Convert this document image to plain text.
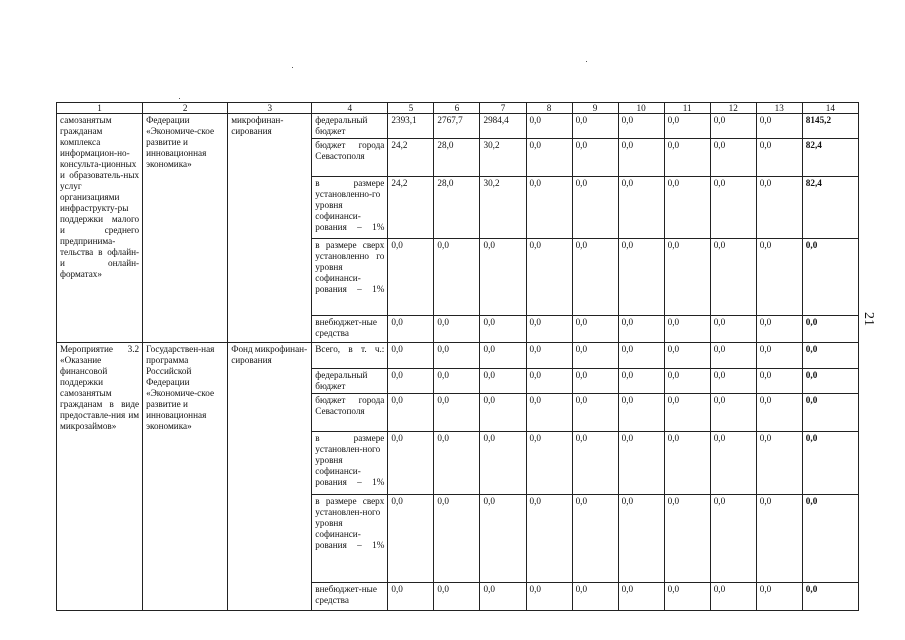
1	2	3	4	5	6	7	8	9	10	11	12	13	14
самозанятым гражданам комплекса информацион-но-консульта-ционных и образователь-ных услуг организациями инфраструкту-ры поддержки малого и среднего предпринима-тельства в офлайн- и онлайн-форматах»	Федерации «Экономиче-ское развитие и инновационная экономика»	микрофинан-сирования	федеральный бюджет	2393,1	2767,7	2984,4	0,0	0,0	0,0	0,0	0,0	0,0	8145,2
			бюджет города Севастополя	24,2	28,0	30,2	0,0	0,0	0,0	0,0	0,0	0,0	82,4
			в размере установленно-го уровня софинанси-рования – 1%	24,2	28,0	30,2	0,0	0,0	0,0	0,0	0,0	0,0	82,4
			в размере сверх установленно го уровня софинанси-рования – 1%	0,0	0,0	0,0	0,0	0,0	0,0	0,0	0,0	0,0	0,0
			внебюджет-ные средства	0,0	0,0	0,0	0,0	0,0	0,0	0,0	0,0	0,0	0,0
Мероприятие 3.2 «Оказание финансовой поддержки самозанятым гражданам в виде предоставле-ния им микрозаймов»	Государствен-ная программа Российской Федерации «Экономиче-ское развитие и инновационная экономика»	Фонд микрофинан-сирования	Всего, в т. ч.:	0,0	0,0	0,0	0,0	0,0	0,0	0,0	0,0	0,0	0,0
			федеральный бюджет	0,0	0,0	0,0	0,0	0,0	0,0	0,0	0,0	0,0	0,0
			бюджет города Севастополя	0,0	0,0	0,0	0,0	0,0	0,0	0,0	0,0	0,0	0,0
			в размере установлен-ного уровня софинанси-рования – 1%	0,0	0,0	0,0	0,0	0,0	0,0	0,0	0,0	0,0	0,0
			в размере сверх установлен-ного уровня софинанси-рования – 1%	0,0	0,0	0,0	0,0	0,0	0,0	0,0	0,0	0,0	0,0
			внебюджет-ные средства	0,0	0,0	0,0	0,0	0,0	0,0	0,0	0,0	0,0	0,0
21
